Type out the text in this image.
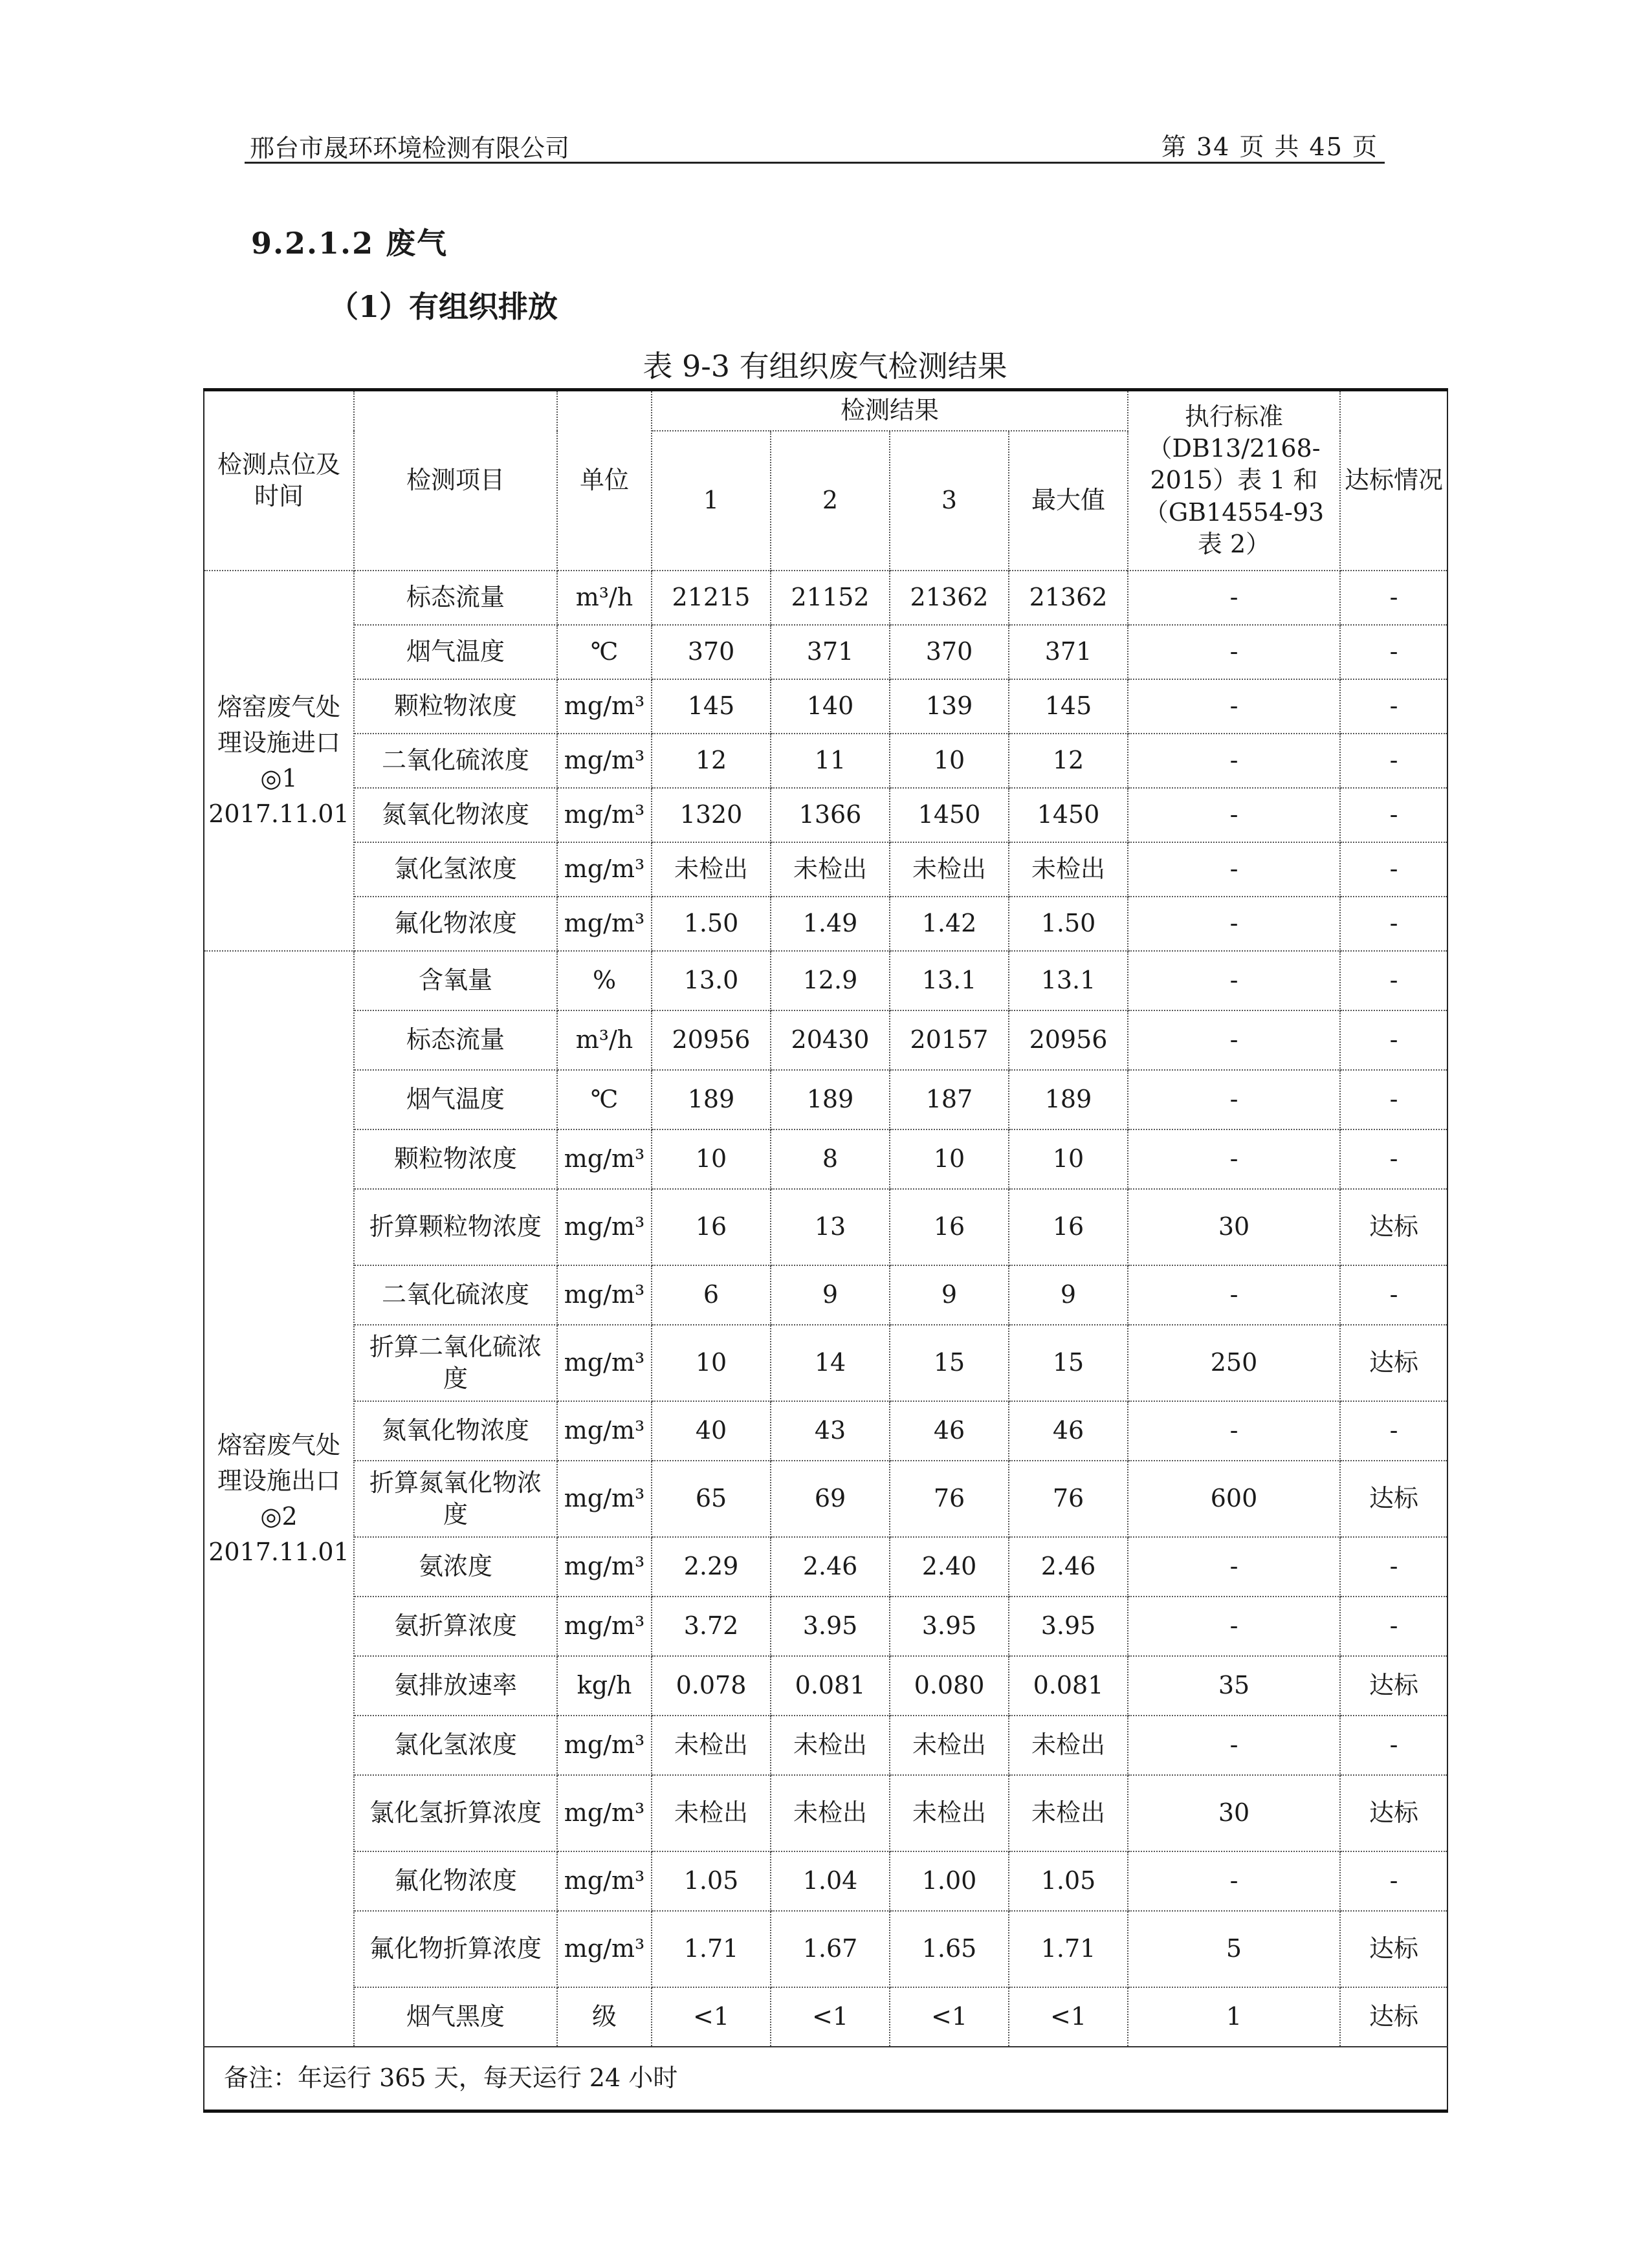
邢台市晟环环境检测有限公司	第 34 页 共 45 页
9.2.1.2 废气
（1）有组织排放
表 9-3 有组织废气检测结果
检测点位及时间	检测项目	单位	检测结果				执行标准（DB13/2168-2015）表 1 和（GB14554-93 表 2）	达标情况
			1	2	3	最大值		
熔窑废气处理设施进口◎1 2017.11.01	标态流量	m³/h	21215	21152	21362	21362	-	-
	烟气温度	℃	370	371	370	371	-	-
	颗粒物浓度	mg/m³	145	140	139	145	-	-
	二氧化硫浓度	mg/m³	12	11	10	12	-	-
	氮氧化物浓度	mg/m³	1320	1366	1450	1450	-	-
	氯化氢浓度	mg/m³	未检出	未检出	未检出	未检出	-	-
	氟化物浓度	mg/m³	1.50	1.49	1.42	1.50	-	-
熔窑废气处理设施出口◎2 2017.11.01	含氧量	%	13.0	12.9	13.1	13.1	-	-
	标态流量	m³/h	20956	20430	20157	20956	-	-
	烟气温度	℃	189	189	187	189	-	-
	颗粒物浓度	mg/m³	10	8	10	10	-	-
	折算颗粒物浓度	mg/m³	16	13	16	16	30	达标
	二氧化硫浓度	mg/m³	6	9	9	9	-	-
	折算二氧化硫浓度	mg/m³	10	14	15	15	250	达标
	氮氧化物浓度	mg/m³	40	43	46	46	-	-
	折算氮氧化物浓度	mg/m³	65	69	76	76	600	达标
	氨浓度	mg/m³	2.29	2.46	2.40	2.46	-	-
	氨折算浓度	mg/m³	3.72	3.95	3.95	3.95	-	-
	氨排放速率	kg/h	0.078	0.081	0.080	0.081	35	达标
	氯化氢浓度	mg/m³	未检出	未检出	未检出	未检出	-	-
	氯化氢折算浓度	mg/m³	未检出	未检出	未检出	未检出	30	达标
	氟化物浓度	mg/m³	1.05	1.04	1.00	1.05	-	-
	氟化物折算浓度	mg/m³	1.71	1.67	1.65	1.71	5	达标
	烟气黑度	级	<1	<1	<1	<1	1	达标
备注：年运行 365 天，每天运行 24 小时								
